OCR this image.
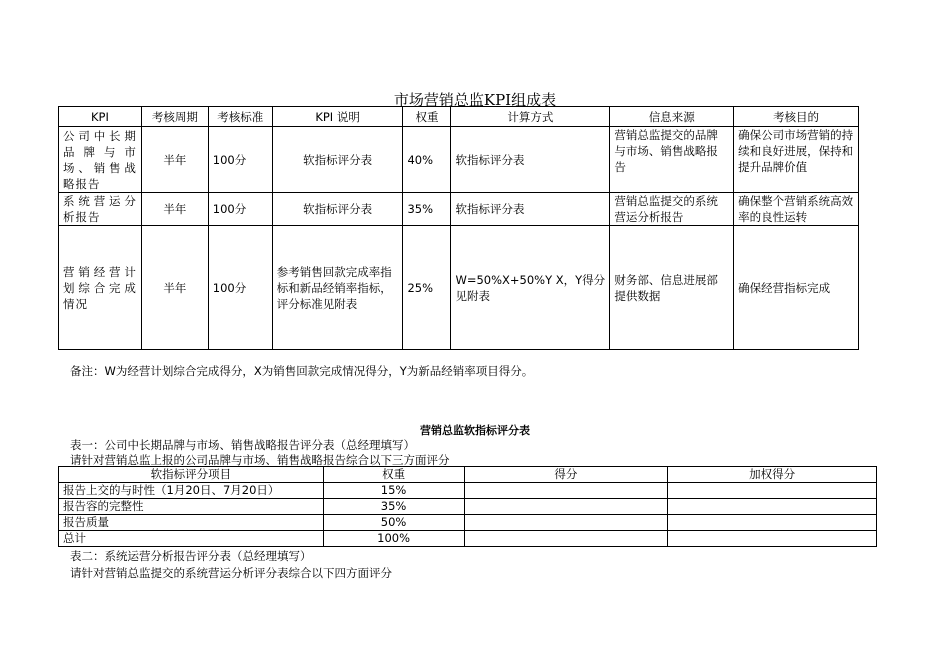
市场营销总监KPI组成表
KPI	考核周期	考核标准	KPI 说明	权重	计算方式	信息来源	考核目的
公司中长期品牌与市场、销售战略报告	半年	100分	软指标评分表	40%	软指标评分表	营销总监提交的品牌与市场、销售战略报告	确保公司市场营销的持续和良好进展，保持和提升品牌价值
系统营运分析报告	半年	100分	软指标评分表	35%	软指标评分表	营销总监提交的系统营运分析报告	确保整个营销系统高效率的良性运转
营销经营计划综合完成情况	半年	100分	参考销售回款完成率指标和新品经销率指标，评分标准见附表	25%	W=50%X+50%Y X，Y得分见附表	财务部、信息进展部提供数据	确保经营指标完成
备注：W为经营计划综合完成得分，X为销售回款完成情况得分，Y为新品经销率项目得分。
营销总监软指标评分表
表一：公司中长期品牌与市场、销售战略报告评分表（总经理填写）
请针对营销总监上报的公司品牌与市场、销售战略报告综合以下三方面评分
软指标评分项目	权重	得分	加权得分
报告上交的与时性（1月20日、7月20日）	15%		
报告容的完整性	35%		
报告质量	50%		
总计	100%		
表二：系统运营分析报告评分表（总经理填写）
请针对营销总监提交的系统营运分析评分表综合以下四方面评分
